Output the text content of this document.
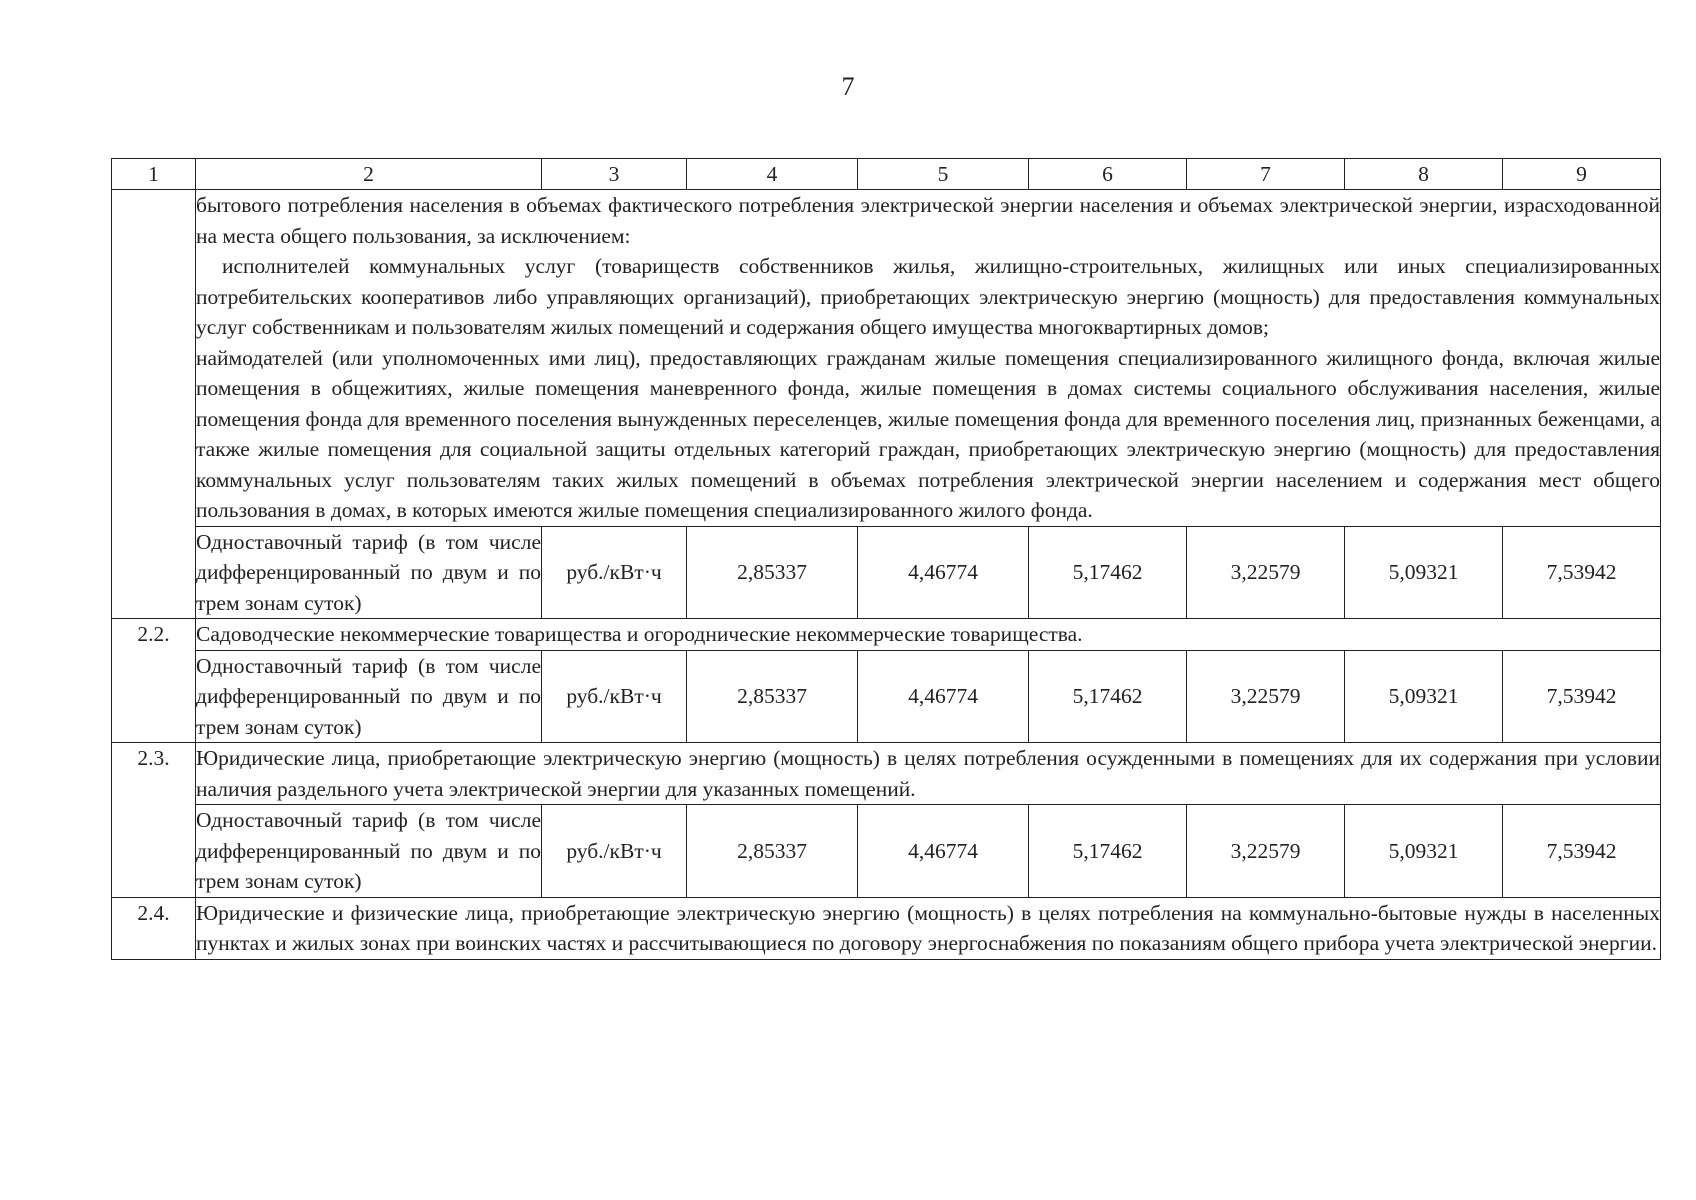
7
1	2	3	4	5	6	7	8	9

	бытового потребления населения в объемах фактического потребления электрической энергии населения и объемах электрической энергии, израсходованной на места общего пользования, за исключением:

исполнителей коммунальных услуг (товариществ собственников жилья, жилищно-строительных, жилищных или иных специализированных потребительских кооперативов либо управляющих организаций), приобретающих электрическую энергию (мощность) для предоставления коммунальных услуг собственникам и пользователям жилых помещений и содержания общего имущества многоквартирных домов;

наймодателей (или уполномоченных ими лиц), предоставляющих гражданам жилые помещения специализированного жилищного фонда, включая жилые помещения в общежитиях, жилые помещения маневренного фонда, жилые помещения в домах системы социального обслуживания населения, жилые помещения фонда для временного поселения вынужденных переселенцев, жилые помещения фонда для временного поселения лиц, признанных беженцами, а также жилые помещения для социальной защиты отдельных категорий граждан, приобретающих электрическую энергию (мощность) для предоставления коммунальных услуг пользователям таких жилых помещений в объемах потребления электрической энергии населением и содержания мест общего пользования в домах, в которых имеются жилые помещения специализированного жилого фонда.							

	Одноставочный тариф (в том числе дифференцированный по двум и по трем зонам суток)	руб./кВт·ч	2,85337	4,46774	5,17462	3,22579	5,09321	7,53942
2.2.	Садоводческие некоммерческие товарищества и огороднические некоммерческие товарищества.							

	Одноставочный тариф (в том числе дифференцированный по двум и по трем зонам суток)	руб./кВт·ч	2,85337	4,46774	5,17462	3,22579	5,09321	7,53942
2.3.	Юридические лица, приобретающие электрическую энергию (мощность) в целях потребления осужденными в помещениях для их содержания при условии наличия раздельного учета электрической энергии для указанных помещений.							

	Одноставочный тариф (в том числе дифференцированный по двум и по трем зонам суток)	руб./кВт·ч	2,85337	4,46774	5,17462	3,22579	5,09321	7,53942
2.4.	Юридические и физические лица, приобретающие электрическую энергию (мощность) в целях потребления на коммунально-бытовые нужды в населенных пунктах и жилых зонах при воинских частях и рассчитывающиеся по договору энергоснабжения по показаниям общего прибора учета электрической энергии.							
